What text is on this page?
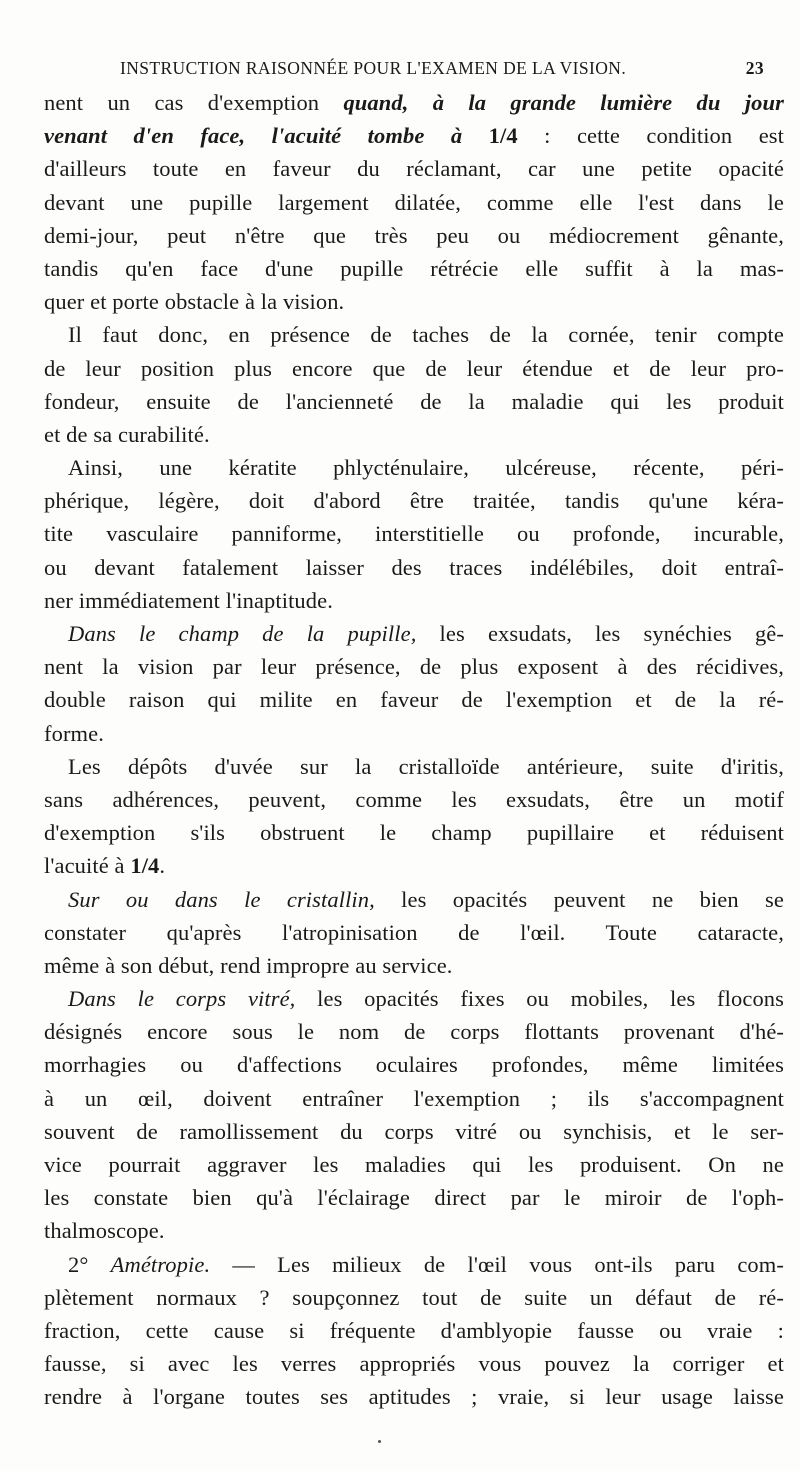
INSTRUCTION RAISONNÉE POUR L'EXAMEN DE LA VISION.	23
nent un cas d'exemption quand, à la grande lumière du jour
venant d'en face, l'acuité tombe à 1/4 : cette condition est
d'ailleurs toute en faveur du réclamant, car une petite opacité
devant une pupille largement dilatée, comme elle l'est dans le
demi-jour, peut n'être que très peu ou médiocrement gênante,
tandis qu'en face d'une pupille rétrécie elle suffit à la mas-
quer et porte obstacle à la vision.
Il faut donc, en présence de taches de la cornée, tenir compte
de leur position plus encore que de leur étendue et de leur pro-
fondeur, ensuite de l'ancienneté de la maladie qui les produit
et de sa curabilité.
Ainsi, une kératite phlycténulaire, ulcéreuse, récente, péri-
phérique, légère, doit d'abord être traitée, tandis qu'une kéra-
tite vasculaire panniforme, interstitielle ou profonde, incurable,
ou devant fatalement laisser des traces indélébiles, doit entraî-
ner immédiatement l'inaptitude.
Dans le champ de la pupille, les exsudats, les synéchies gê-
nent la vision par leur présence, de plus exposent à des récidives,
double raison qui milite en faveur de l'exemption et de la ré-
forme.
Les dépôts d'uvée sur la cristalloïde antérieure, suite d'iritis,
sans adhérences, peuvent, comme les exsudats, être un motif
d'exemption s'ils obstruent le champ pupillaire et réduisent
l'acuité à 1/4.
Sur ou dans le cristallin, les opacités peuvent ne bien se
constater qu'après l'atropinisation de l'œil. Toute cataracte,
même à son début, rend impropre au service.
Dans le corps vitré, les opacités fixes ou mobiles, les flocons
désignés encore sous le nom de corps flottants provenant d'hé-
morrhagies ou d'affections oculaires profondes, même limitées
à un œil, doivent entraîner l'exemption ; ils s'accompagnent
souvent de ramollissement du corps vitré ou synchisis, et le ser-
vice pourrait aggraver les maladies qui les produisent. On ne
les constate bien qu'à l'éclairage direct par le miroir de l'oph-
thalmoscope.
2° Amétropie. — Les milieux de l'œil vous ont-ils paru com-
plètement normaux ? soupçonnez tout de suite un défaut de ré-
fraction, cette cause si fréquente d'amblyopie fausse ou vraie :
fausse, si avec les verres appropriés vous pouvez la corriger et
rendre à l'organe toutes ses aptitudes ; vraie, si leur usage laisse
